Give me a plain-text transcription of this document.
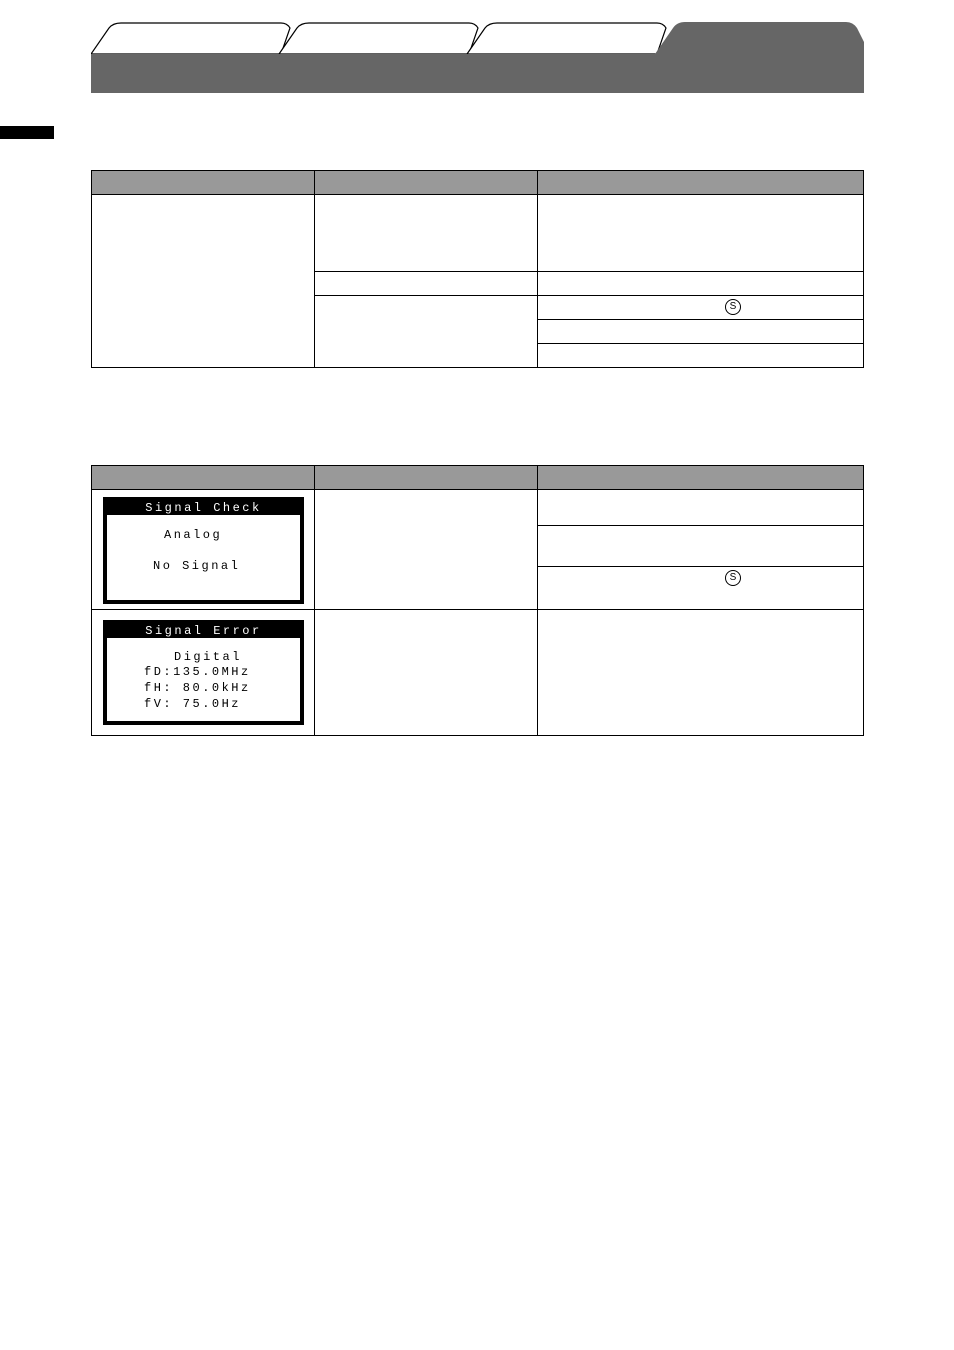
S
S
Signal Check
Analog
No Signal
Signal Error
Digital
fD:135.0MHz
fH: 80.0kHz
fV: 75.0Hz
